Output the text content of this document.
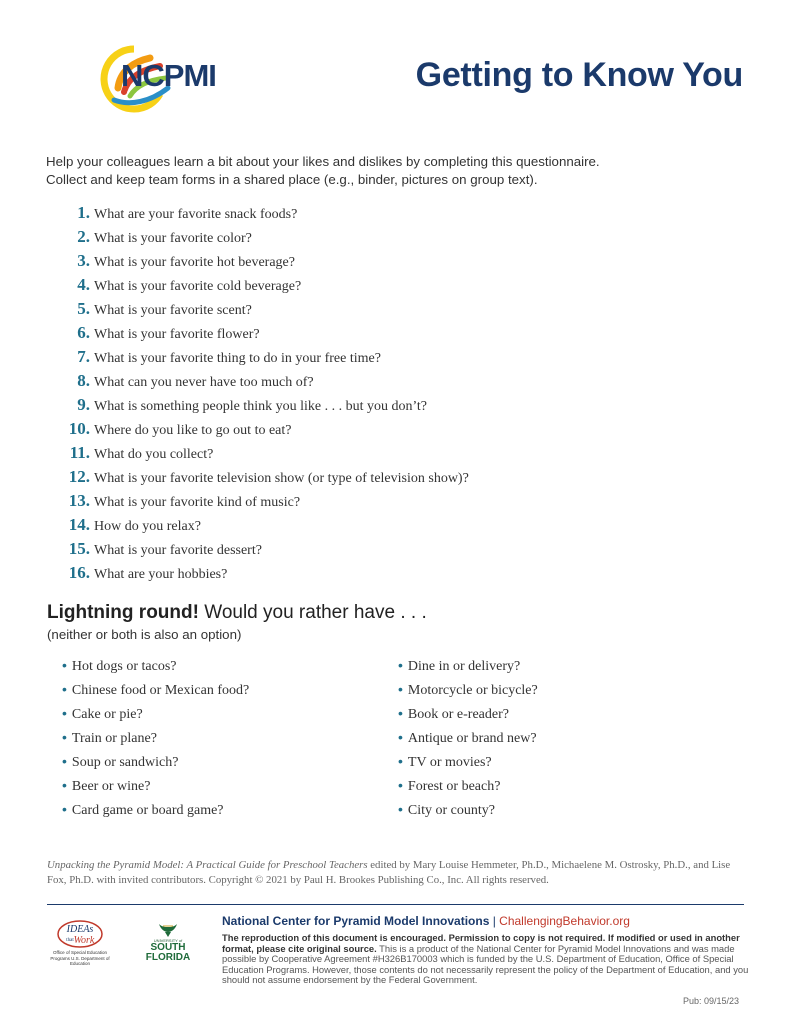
NCPMI	Getting to Know You
Help your colleagues learn a bit about your likes and dislikes by completing this questionnaire.
Collect and keep team forms in a shared place (e.g., binder, pictures on group text).
1. What are your favorite snack foods?
2. What is your favorite color?
3. What is your favorite hot beverage?
4. What is your favorite cold beverage?
5. What is your favorite scent?
6. What is your favorite flower?
7. What is your favorite thing to do in your free time?
8. What can you never have too much of?
9. What is something people think you like . . . but you don’t?
10. Where do you like to go out to eat?
11. What do you collect?
12. What is your favorite television show (or type of television show)?
13. What is your favorite kind of music?
14. How do you relax?
15. What is your favorite dessert?
16. What are your hobbies?
Lightning round! Would you rather have . . .
(neither or both is also an option)
• Hot dogs or tacos?
• Chinese food or Mexican food?
• Cake or pie?
• Train or plane?
• Soup or sandwich?
• Beer or wine?
• Card game or board game?
• Dine in or delivery?
• Motorcycle or bicycle?
• Book or e-reader?
• Antique or brand new?
• TV or movies?
• Forest or beach?
• City or county?
Unpacking the Pyramid Model: A Practical Guide for Preschool Teachers edited by Mary Louise Hemmeter, Ph.D., Michaelene M. Ostrosky, Ph.D., and Lise Fox, Ph.D. with invited contributors. Copyright © 2021 by Paul H. Brookes Publishing Co., Inc. All rights reserved.
IDEAs
that Work
Office of Special Education Programs U.S. Department of Education
UNIVERSITY of
SOUTH
FLORIDA
National Center for Pyramid Model Innovations | ChallengingBehavior.org
The reproduction of this document is encouraged. Permission to copy is not required. If modified or used in another format, please cite original source. This is a product of the National Center for Pyramid Model Innovations and was made possible by Cooperative Agreement #H326B170003 which is funded by the U.S. Department of Education, Office of Special Education Programs. However, those contents do not necessarily represent the policy of the Department of Education, and you should not assume endorsement by the Federal Government.
Pub: 09/15/23
